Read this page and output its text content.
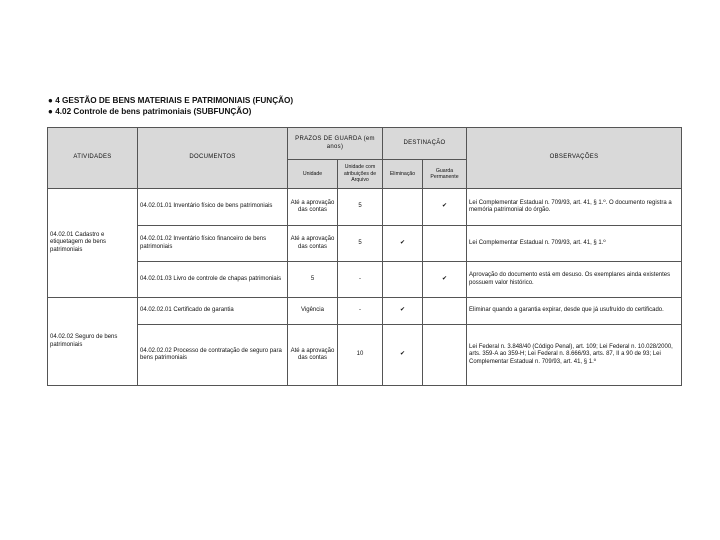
● 4 GESTÃO DE BENS MATERIAIS E PATRIMONIAIS (FUNÇÃO)
● 4.02 Controle de bens patrimoniais (SUBFUNÇÃO)
ATIVIDADES	DOCUMENTOS	PRAZOS DE GUARDA (em anos)		DESTINAÇÃO		OBSERVAÇÕES
		Unidade	Unidade com atribuições de Arquivo	Eliminação	Guarda Permanente	
04.02.01 Cadastro e etiquetagem de bens patrimoniais	04.02.01.01 Inventário físico de bens patrimoniais	Até a aprovação das contas	5		✔	Lei Complementar Estadual n. 709/93, art. 41, § 1.º. O documento registra a memória patrimonial do órgão.
	04.02.01.02 Inventário físico financeiro de bens patrimoniais	Até a aprovação das contas	5	✔		Lei Complementar Estadual n. 709/93, art. 41, § 1.º
	04.02.01.03 Livro de controle de chapas patrimoniais	5	-		✔	Aprovação do documento está em desuso. Os exemplares ainda existentes possuem valor histórico.
04.02.02 Seguro de bens patrimoniais	04.02.02.01 Certificado de garantia	Vigência	-	✔		Eliminar quando a garantia expirar, desde que já usufruído do certificado.
	04.02.02.02 Processo de contratação de seguro para bens patrimoniais	Até a aprovação das contas	10	✔		Lei Federal n. 3.848/40 (Código Penal), art. 109; Lei Federal n. 10.028/2000, arts. 359-A ao 359-H; Lei Federal n. 8.666/93, arts. 87, II a 90 de 93; Lei Complementar Estadual n. 709/93, art. 41, § 1.º
